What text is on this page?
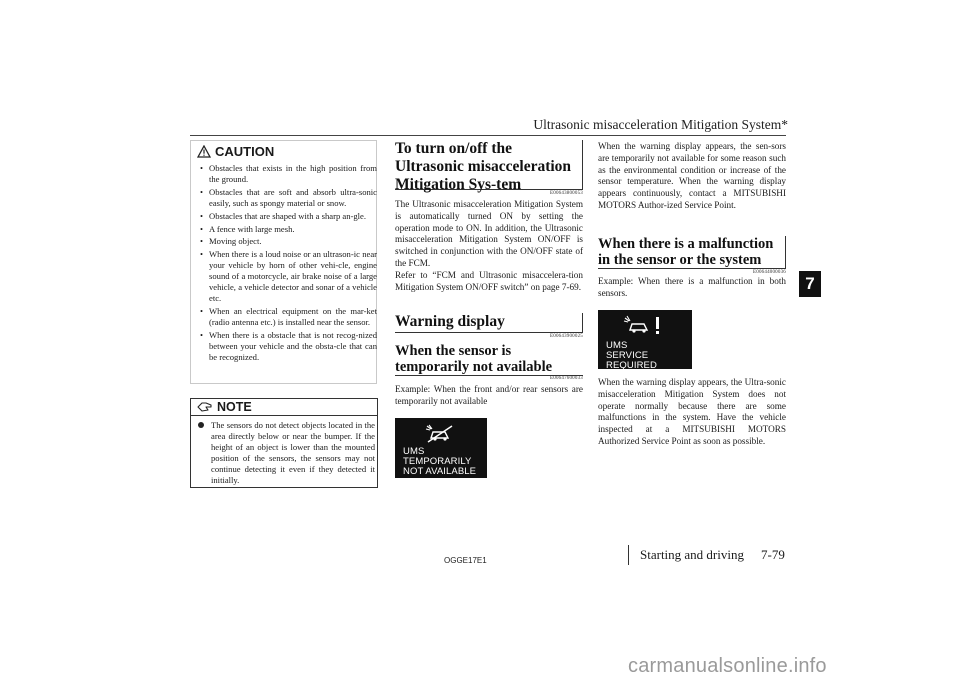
Ultrasonic misacceleration Mitigation System*
7
CAUTION
• Obstacles that exists in the high position from the ground.
• Obstacles that are soft and absorb ultra-sonic easily, such as spongy material or snow.
• Obstacles that are shaped with a sharp an-gle.
• A fence with large mesh.
• Moving object.
• When there is a loud noise or an ultrason-ic near your vehicle by horn of other vehi-cle, engine sound of a motorcycle, air brake noise of a large vehicle, a vehicle detector and sonar of a vehicle etc.
• When an electrical equipment on the mar-ket (radio antenna etc.) is installed near the sensor.
• When there is a obstacle that is not recog-nized between your vehicle and the obsta-cle that can be recognized.
NOTE
The sensors do not detect objects located in the area directly below or near the bumper. If the height of an object is lower than the mounted position of the sensors, the sensors may not continue detecting it even if they detected it initially.
To turn on/off the Ultrasonic misacceleration Mitigation Sys-tem
E00643800053

The Ultrasonic misacceleration Mitigation System is automatically turned ON by setting the operation mode to ON. In addition, the Ultrasonic misacceleration Mitigation System ON/OFF is switched in conjunction with the ON/OFF state of the FCM.
Refer to “FCM and Ultrasonic misaccelera-tion Mitigation System ON/OFF switch” on page 7-69.

Warning display
E00643900025
When the sensor is temporarily not available
E00647600033

Example: When the front and/or rear sensors are temporarily not available

UMS
TEMPORARILY
NOT AVAILABLE

When the warning display appears, the sen-sors are temporarily not available for some reason such as the environmental condition or increase of the sensor temperature. When the warning display appears continuously, contact a MITSUBISHI MOTORS Author-ized Service Point.

When there is a malfunction in the sensor or the system
E00644000036

Example: When there is a malfunction in both sensors.

UMS
SERVICE REQUIRED

When the warning display appears, the Ultra-sonic misacceleration Mitigation System does not operate normally because there are some malfunctions in the system. Have the vehicle inspected at a MITSUBISHI MOTORS Authorized Service Point as soon as possible.

OGGE17E1	Starting and driving 7-79
carmanualsonline.info
